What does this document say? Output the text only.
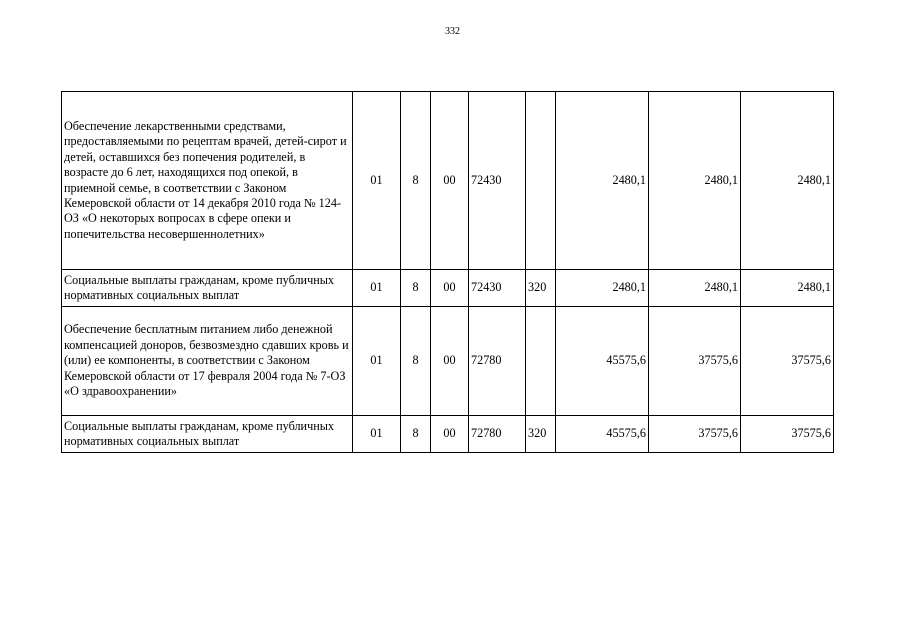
332
Обеспечение лекарственными средствами, предоставляемыми по рецептам врачей, детей-сирот и детей, оставшихся без попечения родителей, в возрасте до 6 лет, находящихся под опекой, в приемной семье, в соответствии с Законом Кемеровской области от 14 декабря 2010 года № 124-ОЗ «О некоторых вопросах в сфере опеки и попечительства несовершеннолетних»	01	8	00	72430		2480,1	2480,1	2480,1
Социальные выплаты гражданам, кроме публичных нормативных социальных выплат	01	8	00	72430	320	2480,1	2480,1	2480,1
Обеспечение бесплатным питанием либо денежной компенсацией доноров, безвозмездно сдавших кровь и (или) ее компоненты, в соответствии с Законом Кемеровской области от 17 февраля 2004 года № 7-ОЗ «О здравоохранении»	01	8	00	72780		45575,6	37575,6	37575,6
Социальные выплаты гражданам, кроме публичных нормативных социальных выплат	01	8	00	72780	320	45575,6	37575,6	37575,6
